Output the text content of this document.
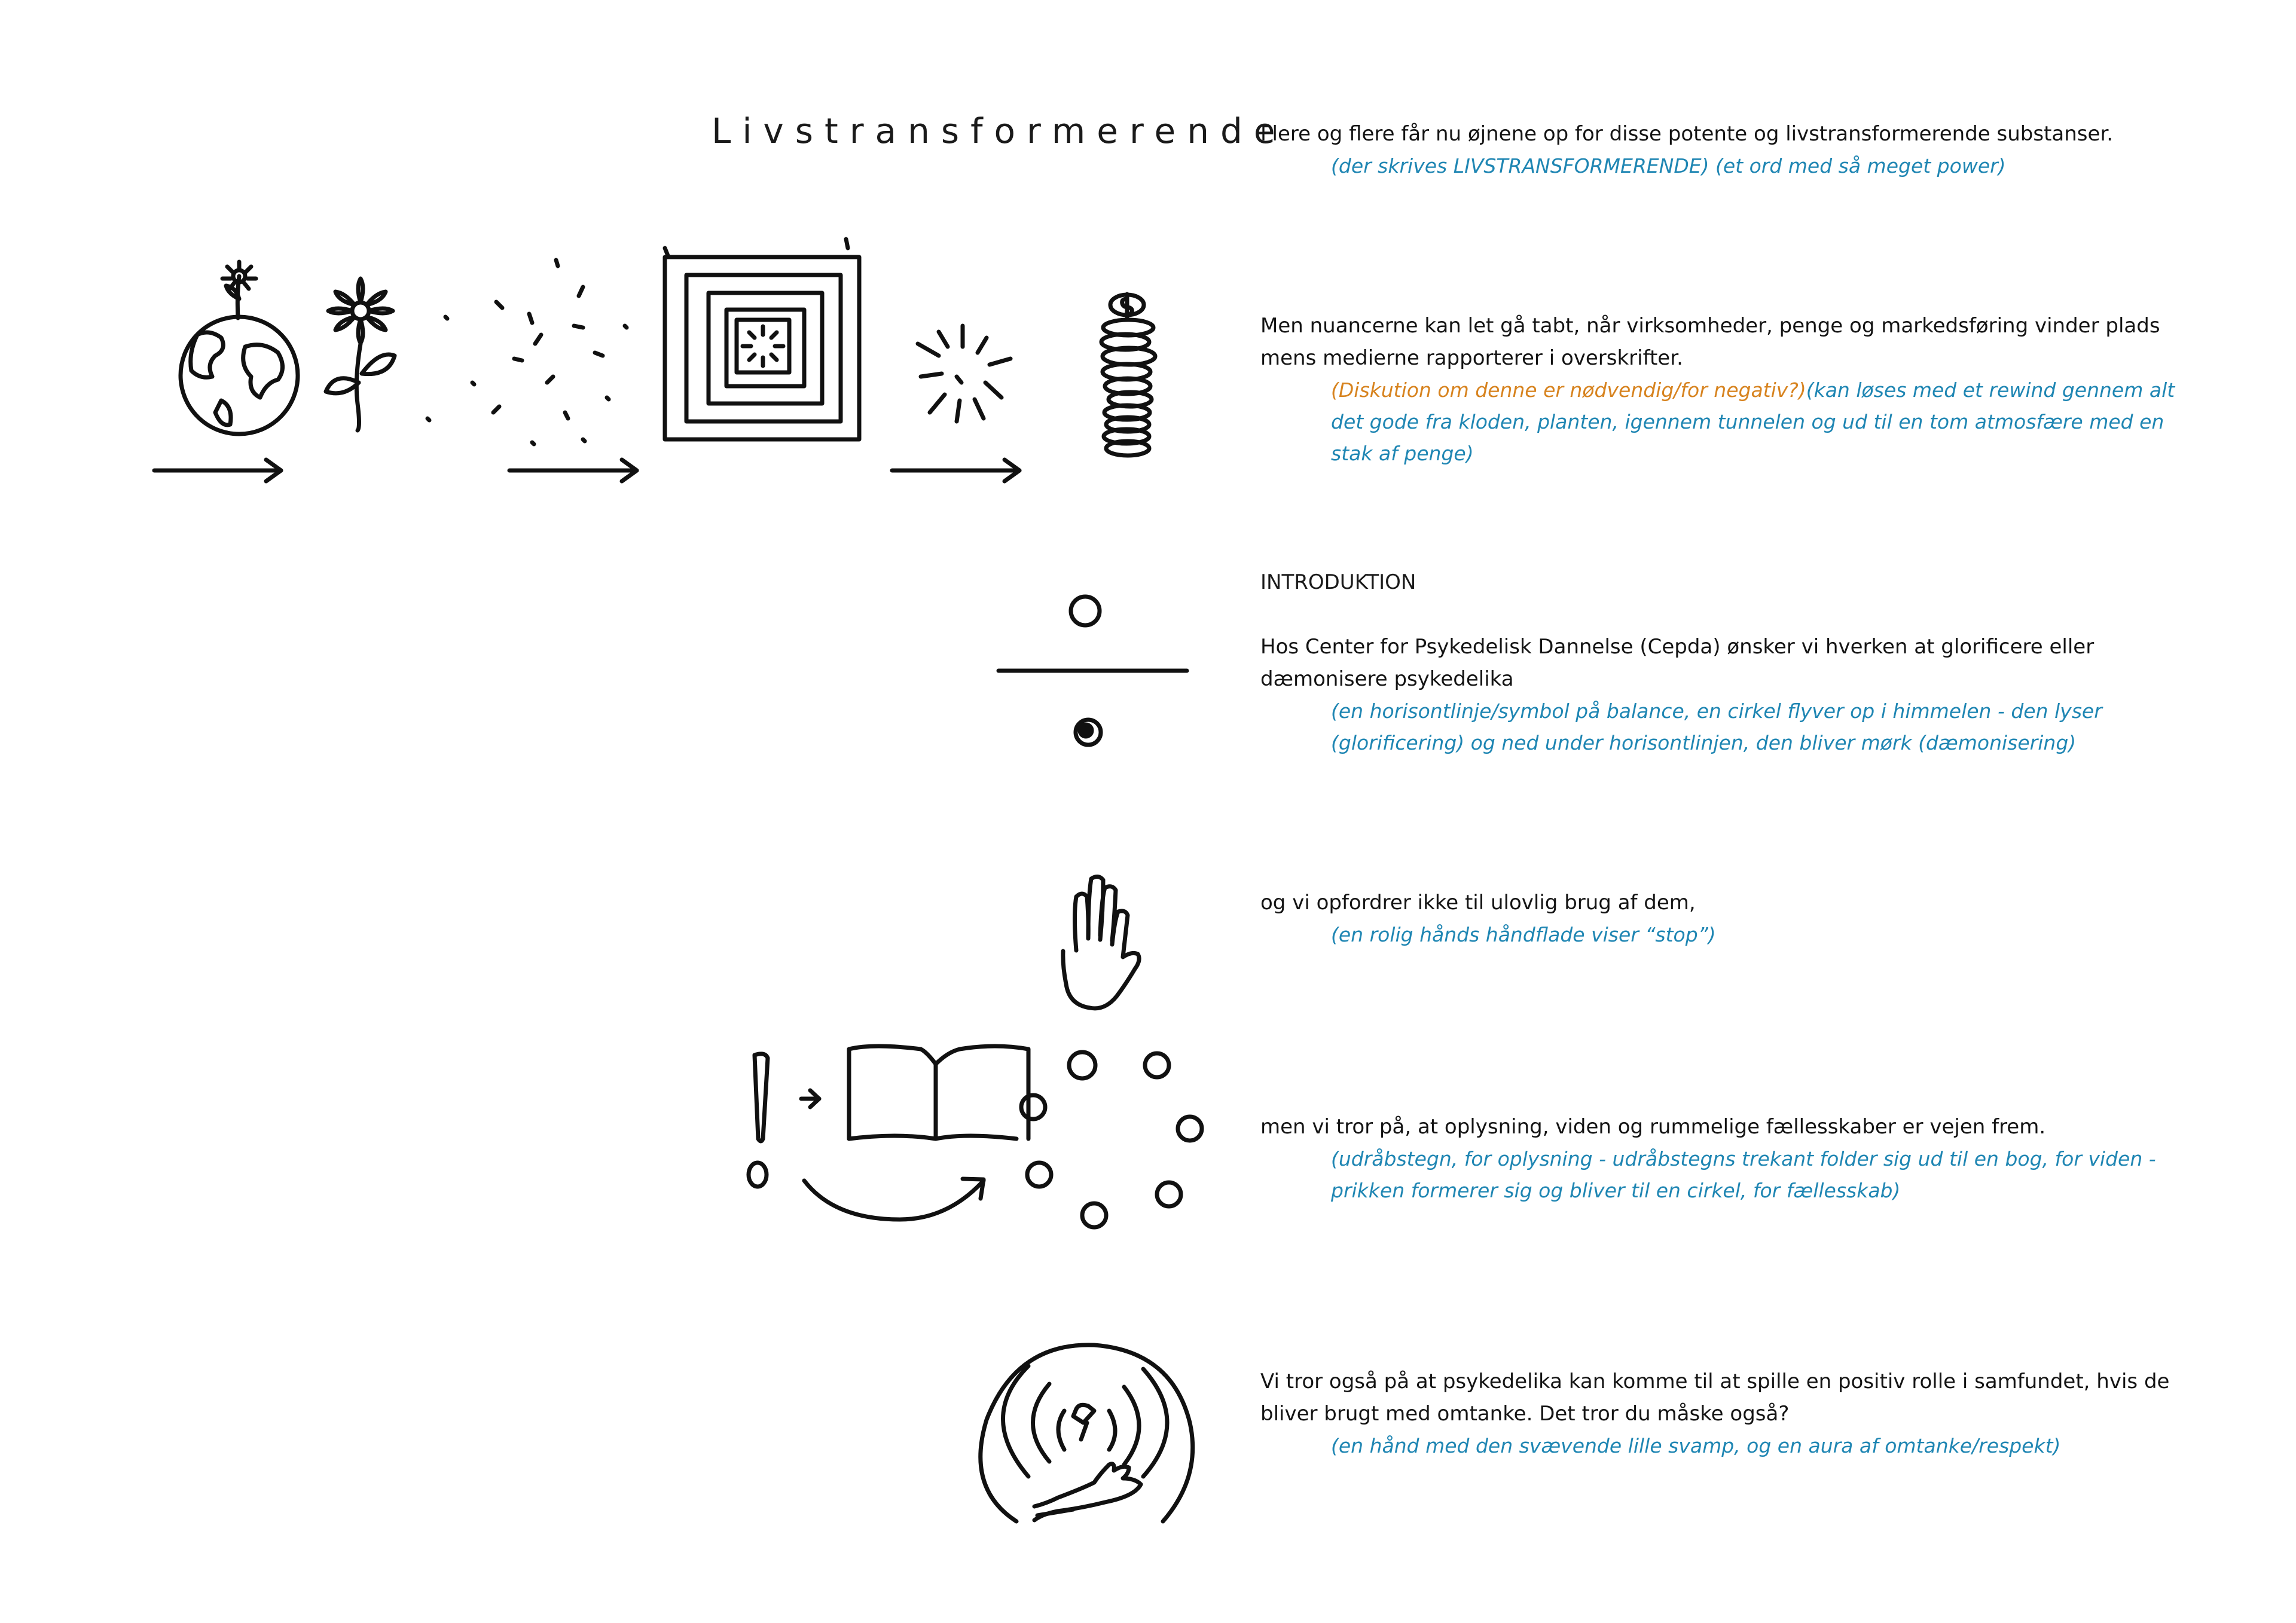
Livstransformerende

Flere og flere får nu øjnene op for disse potente og livstransformerende substanser.

(der skrives LIVSTRANSFORMERENDE) (et ord med så meget power)

Men nuancerne kan let gå tabt, når virksomheder, penge og markedsføring vinder plads mens medierne rapporterer i overskrifter.

(Diskution om denne er nødvendig/for negativ?)(kan løses med et rewind gennem alt det gode fra kloden, planten, igennem tunnelen og ud til en tom atmosfære med en stak af penge)

INTRODUKTION

Hos Center for Psykedelisk Dannelse (Cepda) ønsker vi hverken at glorificere eller dæmonisere psykedelika

(en horisontlinje/symbol på balance, en cirkel flyver op i himmelen - den lyser (glorificering) og ned under horisontlinjen, den bliver mørk (dæmonisering)

og vi opfordrer ikke til ulovlig brug af dem,

(en rolig hånds håndflade viser “stop”)

men vi tror på, at oplysning, viden og rummelige fællesskaber er vejen frem.

(udråbstegn, for oplysning - udråbstegns trekant folder sig ud til en bog, for viden - prikken formerer sig og bliver til en cirkel, for fællesskab)

Vi tror også på at psykedelika kan komme til at spille en positiv rolle i samfundet, hvis de bliver brugt med omtanke. Det tror du måske også?

(en hånd med den svævende lille svamp, og en aura af omtanke/respekt)
